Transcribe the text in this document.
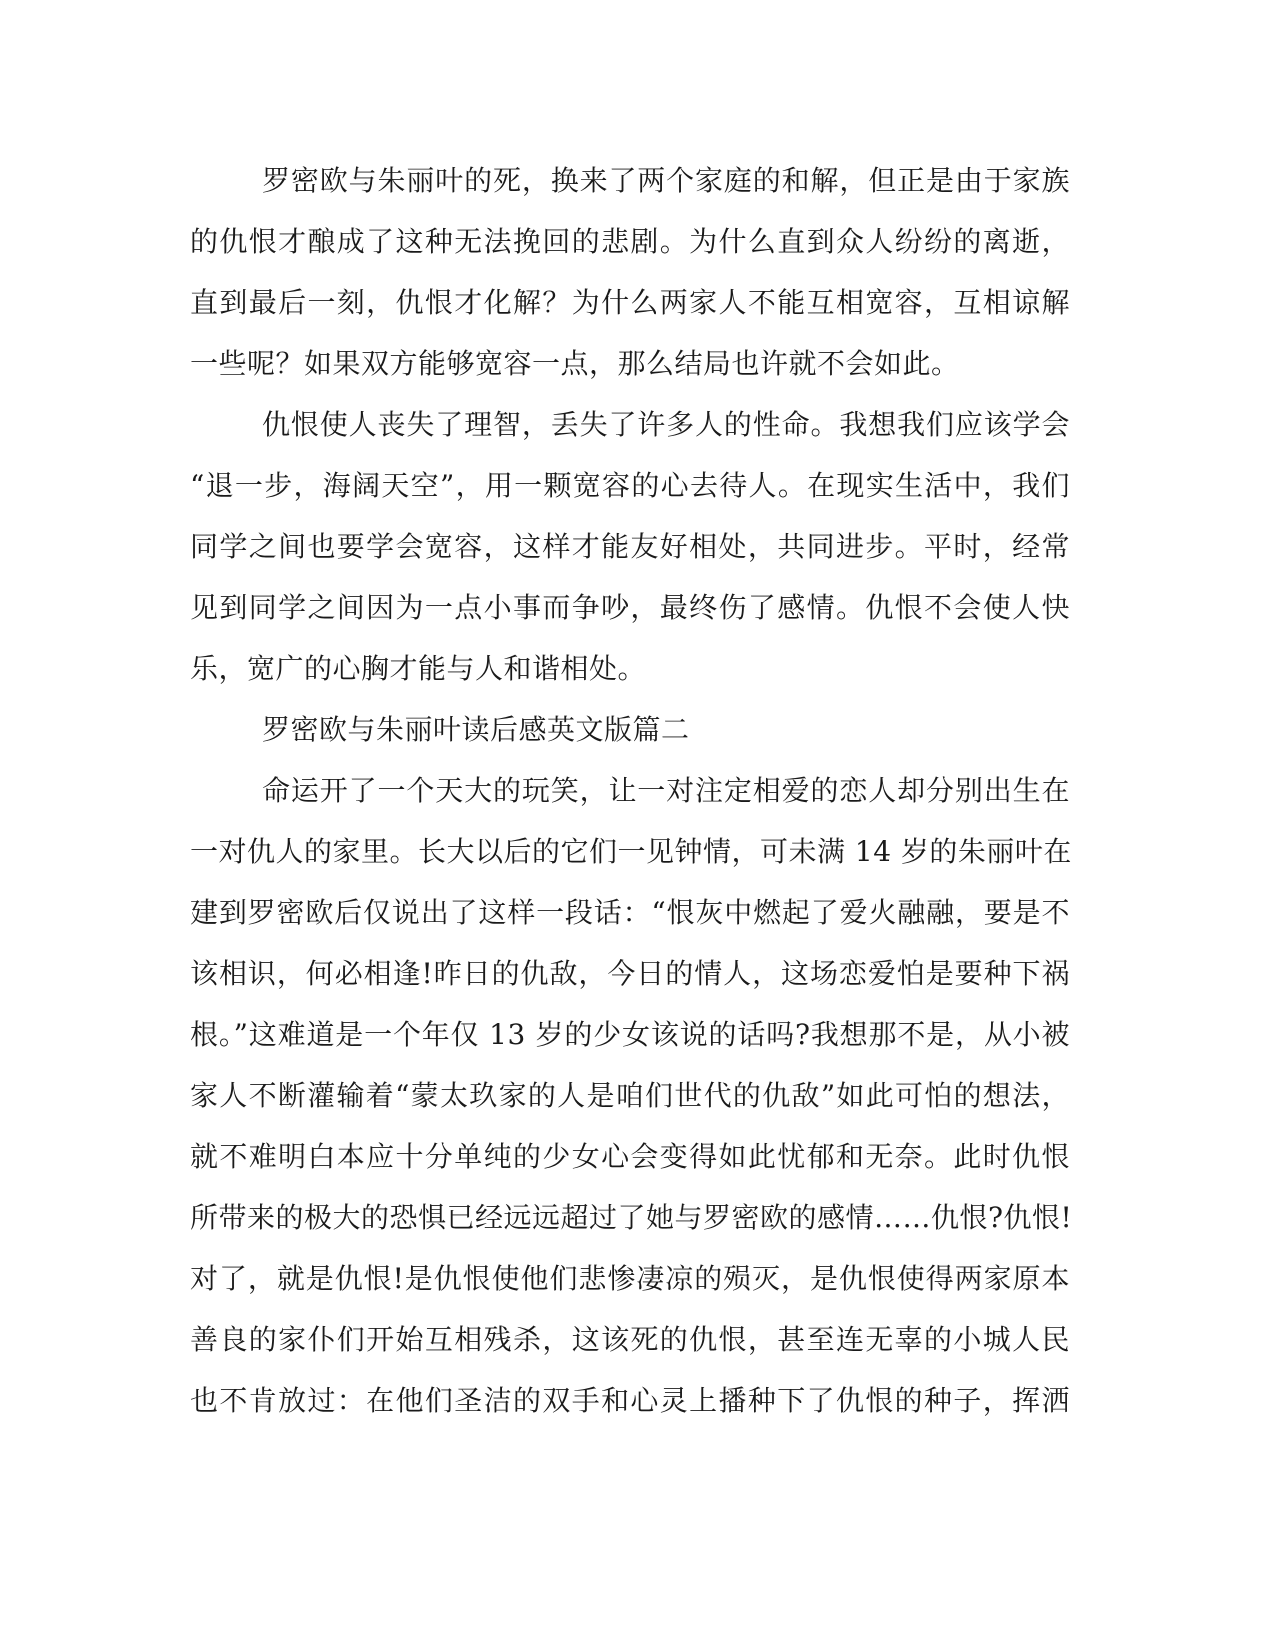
罗密欧与朱丽叶的死，换来了两个家庭的和解，但正是由于家族
的仇恨才酿成了这种无法挽回的悲剧。为什么直到众人纷纷的离逝，
直到最后一刻，仇恨才化解？为什么两家人不能互相宽容，互相谅解
一些呢？如果双方能够宽容一点，那么结局也许就不会如此。
仇恨使人丧失了理智，丢失了许多人的性命。我想我们应该学会
“退一步，海阔天空”，用一颗宽容的心去待人。在现实生活中，我们
同学之间也要学会宽容，这样才能友好相处，共同进步。平时，经常
见到同学之间因为一点小事而争吵，最终伤了感情。仇恨不会使人快
乐，宽广的心胸才能与人和谐相处。
罗密欧与朱丽叶读后感英文版篇二
命运开了一个天大的玩笑，让一对注定相爱的恋人却分别出生在
一对仇人的家里。长大以后的它们一见钟情，可未满 14 岁的朱丽叶在
建到罗密欧后仅说出了这样一段话：“恨灰中燃起了爱火融融，要是不
该相识，何必相逢!昨日的仇敌，今日的情人，这场恋爱怕是要种下祸
根。”这难道是一个年仅 13 岁的少女该说的话吗?我想那不是，从小被
家人不断灌输着“蒙太玖家的人是咱们世代的仇敌”如此可怕的想法，
就不难明白本应十分单纯的少女心会变得如此忧郁和无奈。此时仇恨
所带来的极大的恐惧已经远远超过了她与罗密欧的感情……仇恨?仇恨!
对了，就是仇恨!是仇恨使他们悲惨凄凉的殒灭，是仇恨使得两家原本
善良的家仆们开始互相残杀，这该死的仇恨，甚至连无辜的小城人民
也不肯放过：在他们圣洁的双手和心灵上播种下了仇恨的种子，挥洒
